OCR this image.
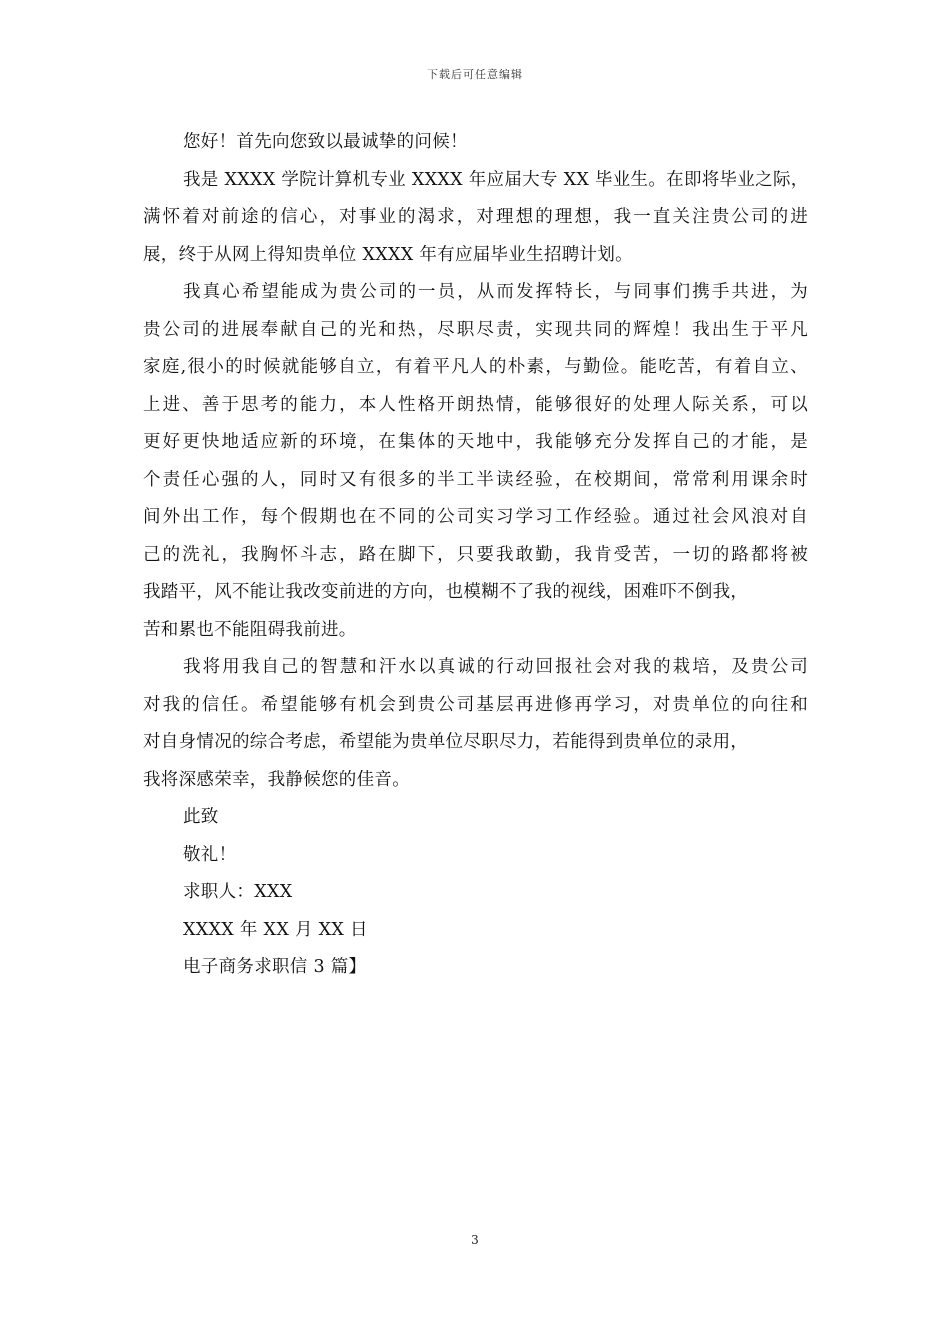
下载后可任意编辑
您好！首先向您致以最诚挚的问候！
我是 XXXX 学院计算机专业 XXXX 年应届大专 XX 毕业生。在即将毕业之际，
满怀着对前途的信心，对事业的渴求，对理想的理想，我一直关注贵公司的进
展，终于从网上得知贵单位 XXXX 年有应届毕业生招聘计划。
我真心希望能成为贵公司的一员，从而发挥特长，与同事们携手共进，为
贵公司的进展奉献自己的光和热，尽职尽责，实现共同的辉煌！我出生于平凡
家庭,很小的时候就能够自立，有着平凡人的朴素，与勤俭。能吃苦，有着自立、
上进、善于思考的能力，本人性格开朗热情，能够很好的处理人际关系，可以
更好更快地适应新的环境，在集体的天地中，我能够充分发挥自己的才能，是
个责任心强的人，同时又有很多的半工半读经验，在校期间，常常利用课余时
间外出工作，每个假期也在不同的公司实习学习工作经验。通过社会风浪对自
己的洗礼，我胸怀斗志，路在脚下，只要我敢勤，我肯受苦，一切的路都将被
我踏平，风不能让我改变前进的方向，也模糊不了我的视线，困难吓不倒我，
苦和累也不能阻碍我前进。
我将用我自己的智慧和汗水以真诚的行动回报社会对我的栽培，及贵公司
对我的信任。希望能够有机会到贵公司基层再进修再学习，对贵单位的向往和
对自身情况的综合考虑，希望能为贵单位尽职尽力，若能得到贵单位的录用，
我将深感荣幸，我静候您的佳音。
此致
敬礼！
求职人：XXX
XXXX 年 XX 月 XX 日
电子商务求职信 3 篇】
3
